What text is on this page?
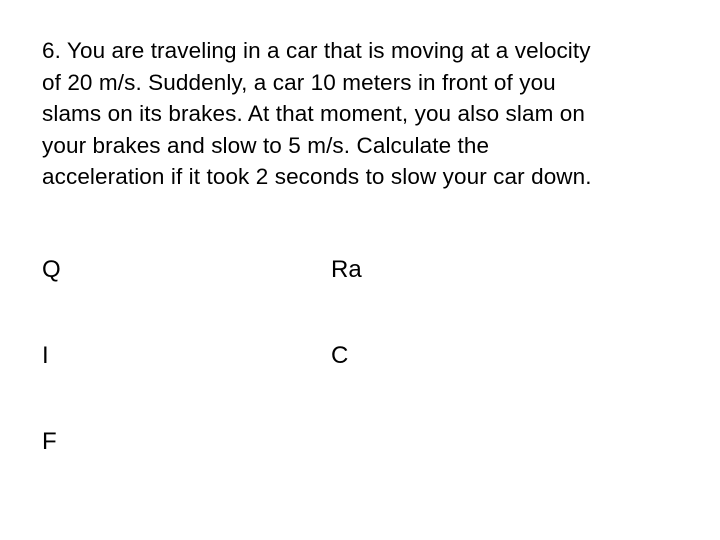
6. You are traveling in a car that is moving at a velocity
of 20 m/s. Suddenly, a car 10 meters in front of you
slams on its brakes. At that moment, you also slam on
your brakes and slow to 5 m/s. Calculate the
acceleration if it took 2 seconds to slow your car down.

Q	Ra
I	C
F
